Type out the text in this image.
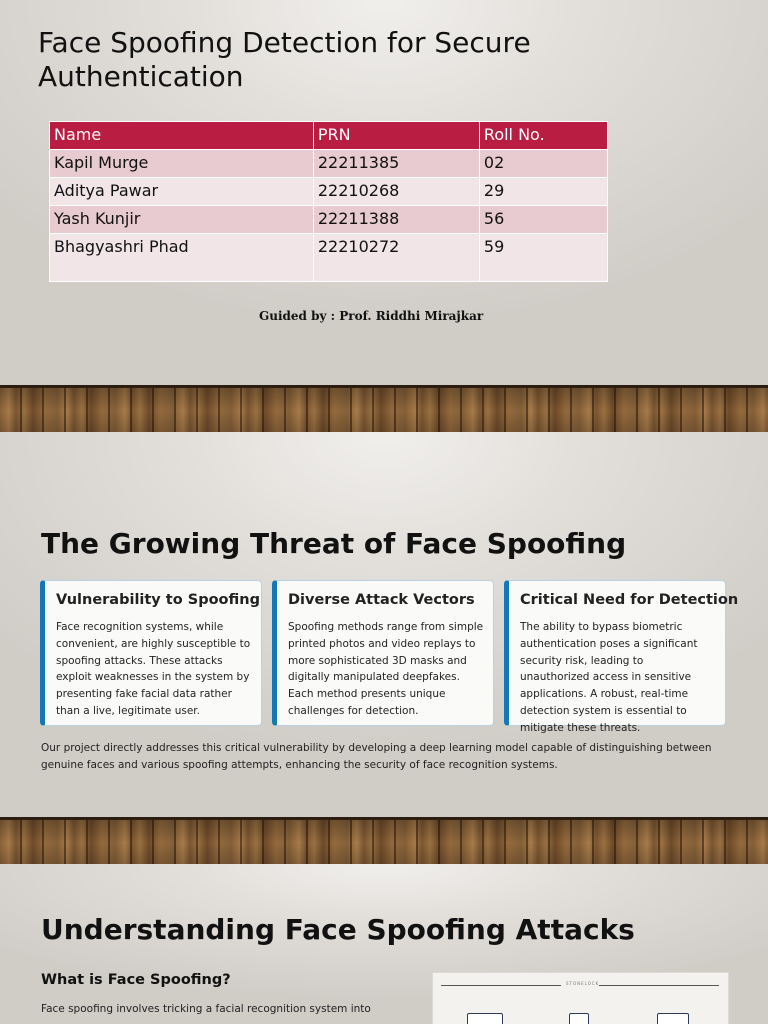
Face Spoofing Detection for Secure Authentication
Name	PRN	Roll No.
Kapil Murge	22211385	02
Aditya Pawar	22210268	29
Yash Kunjir	22211388	56
Bhagyashri Phad	22210272	59
Guided by : Prof. Riddhi Mirajkar
The Growing Threat of Face Spoofing
Vulnerability to Spoofing

Face recognition systems, while convenient, are highly susceptible to spoofing attacks. These attacks exploit weaknesses in the system by presenting fake facial data rather than a live, legitimate user.

Diverse Attack Vectors

Spoofing methods range from simple printed photos and video replays to more sophisticated 3D masks and digitally manipulated deepfakes. Each method presents unique challenges for detection.

Critical Need for Detection

The ability to bypass biometric authentication poses a significant security risk, leading to unauthorized access in sensitive applications. A robust, real-time detection system is essential to mitigate these threats.

Our project directly addresses this critical vulnerability by developing a deep learning model capable of distinguishing between genuine faces and various spoofing attempts, enhancing the security of face recognition systems.

Understanding Face Spoofing Attacks
What is Face Spoofing?

Face spoofing involves tricking a facial recognition system into

STONELOCK
